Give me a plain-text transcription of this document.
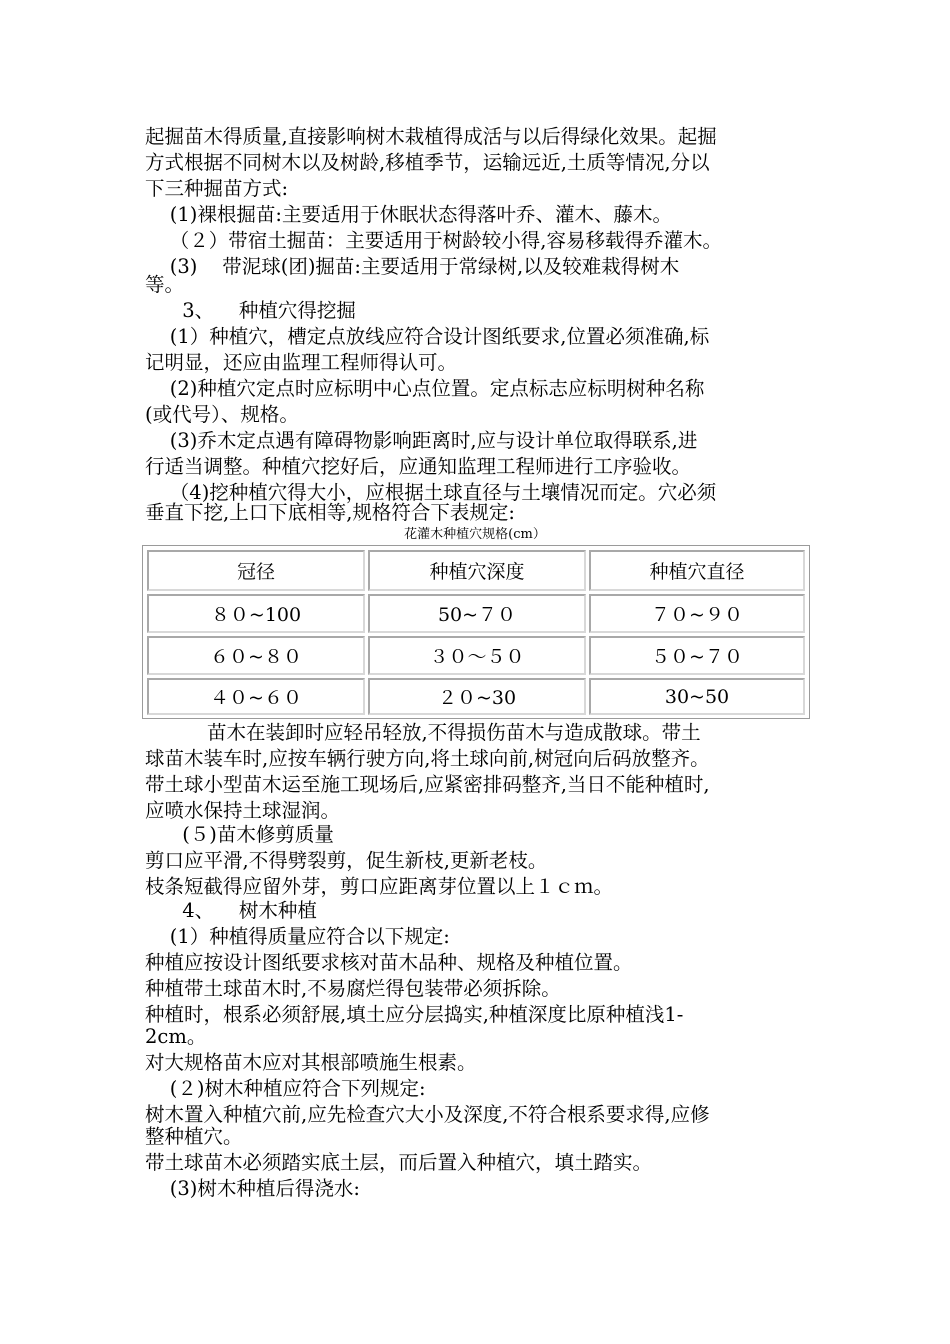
起掘苗木得质量,直接影响树木栽植得成活与以后得绿化效果。起掘
方式根据不同树木以及树龄,移植季节，运输远近,土质等情况,分以
下三种掘苗方式:
(1)裸根掘苗:主要适用于休眠状态得落叶乔、灌木、藤木。
（２）带宿土掘苗：主要适用于树龄较小得,容易移载得乔灌木。
(3)    带泥球(团)掘苗:主要适用于常绿树,以及较难栽得树木
等。
3、    种植穴得挖掘
(1）种植穴，槽定点放线应符合设计图纸要求,位置必须准确,标
记明显，还应由监理工程师得认可。
(2)种植穴定点时应标明中心点位置。定点标志应标明树种名称
(或代号）、规格。
(3)乔木定点遇有障碍物影响距离时,应与设计单位取得联系,进
行适当调整。种植穴挖好后，应通知监理工程师进行工序验收。
（4)挖种植穴得大小，应根据土球直径与土壤情况而定。穴必须
垂直下挖,上口下底相等,规格符合下表规定:
花灌木种植穴规格(cm）
冠径	种植穴深度	种植穴直径
８０~100	50~７０	７０~９０
６０~８０	３０～５０	５０~７０
４０~６０	２０~30	30~50
苗木在装卸时应轻吊轻放,不得损伤苗木与造成散球。带土
球苗木装车时,应按车辆行驶方向,将土球向前,树冠向后码放整齐。
带土球小型苗木运至施工现场后,应紧密排码整齐,当日不能种植时,
应喷水保持土球湿润。
(５)苗木修剪质量
剪口应平滑,不得劈裂剪，促生新枝,更新老枝。
枝条短截得应留外芽，剪口应距离芽位置以上１ｃｍ。
4、    树木种植
(1）种植得质量应符合以下规定:
种植应按设计图纸要求核对苗木品种、规格及种植位置。
种植带土球苗木时,不易腐烂得包装带必须拆除。
种植时，根系必须舒展,填土应分层捣实,种植深度比原种植浅1-
2cm。
对大规格苗木应对其根部喷施生根素。
(２)树木种植应符合下列规定:
树木置入种植穴前,应先检查穴大小及深度,不符合根系要求得,应修
整种植穴。
带土球苗木必须踏实底土层，而后置入种植穴，填土踏实。
(3)树木种植后得浇水:
